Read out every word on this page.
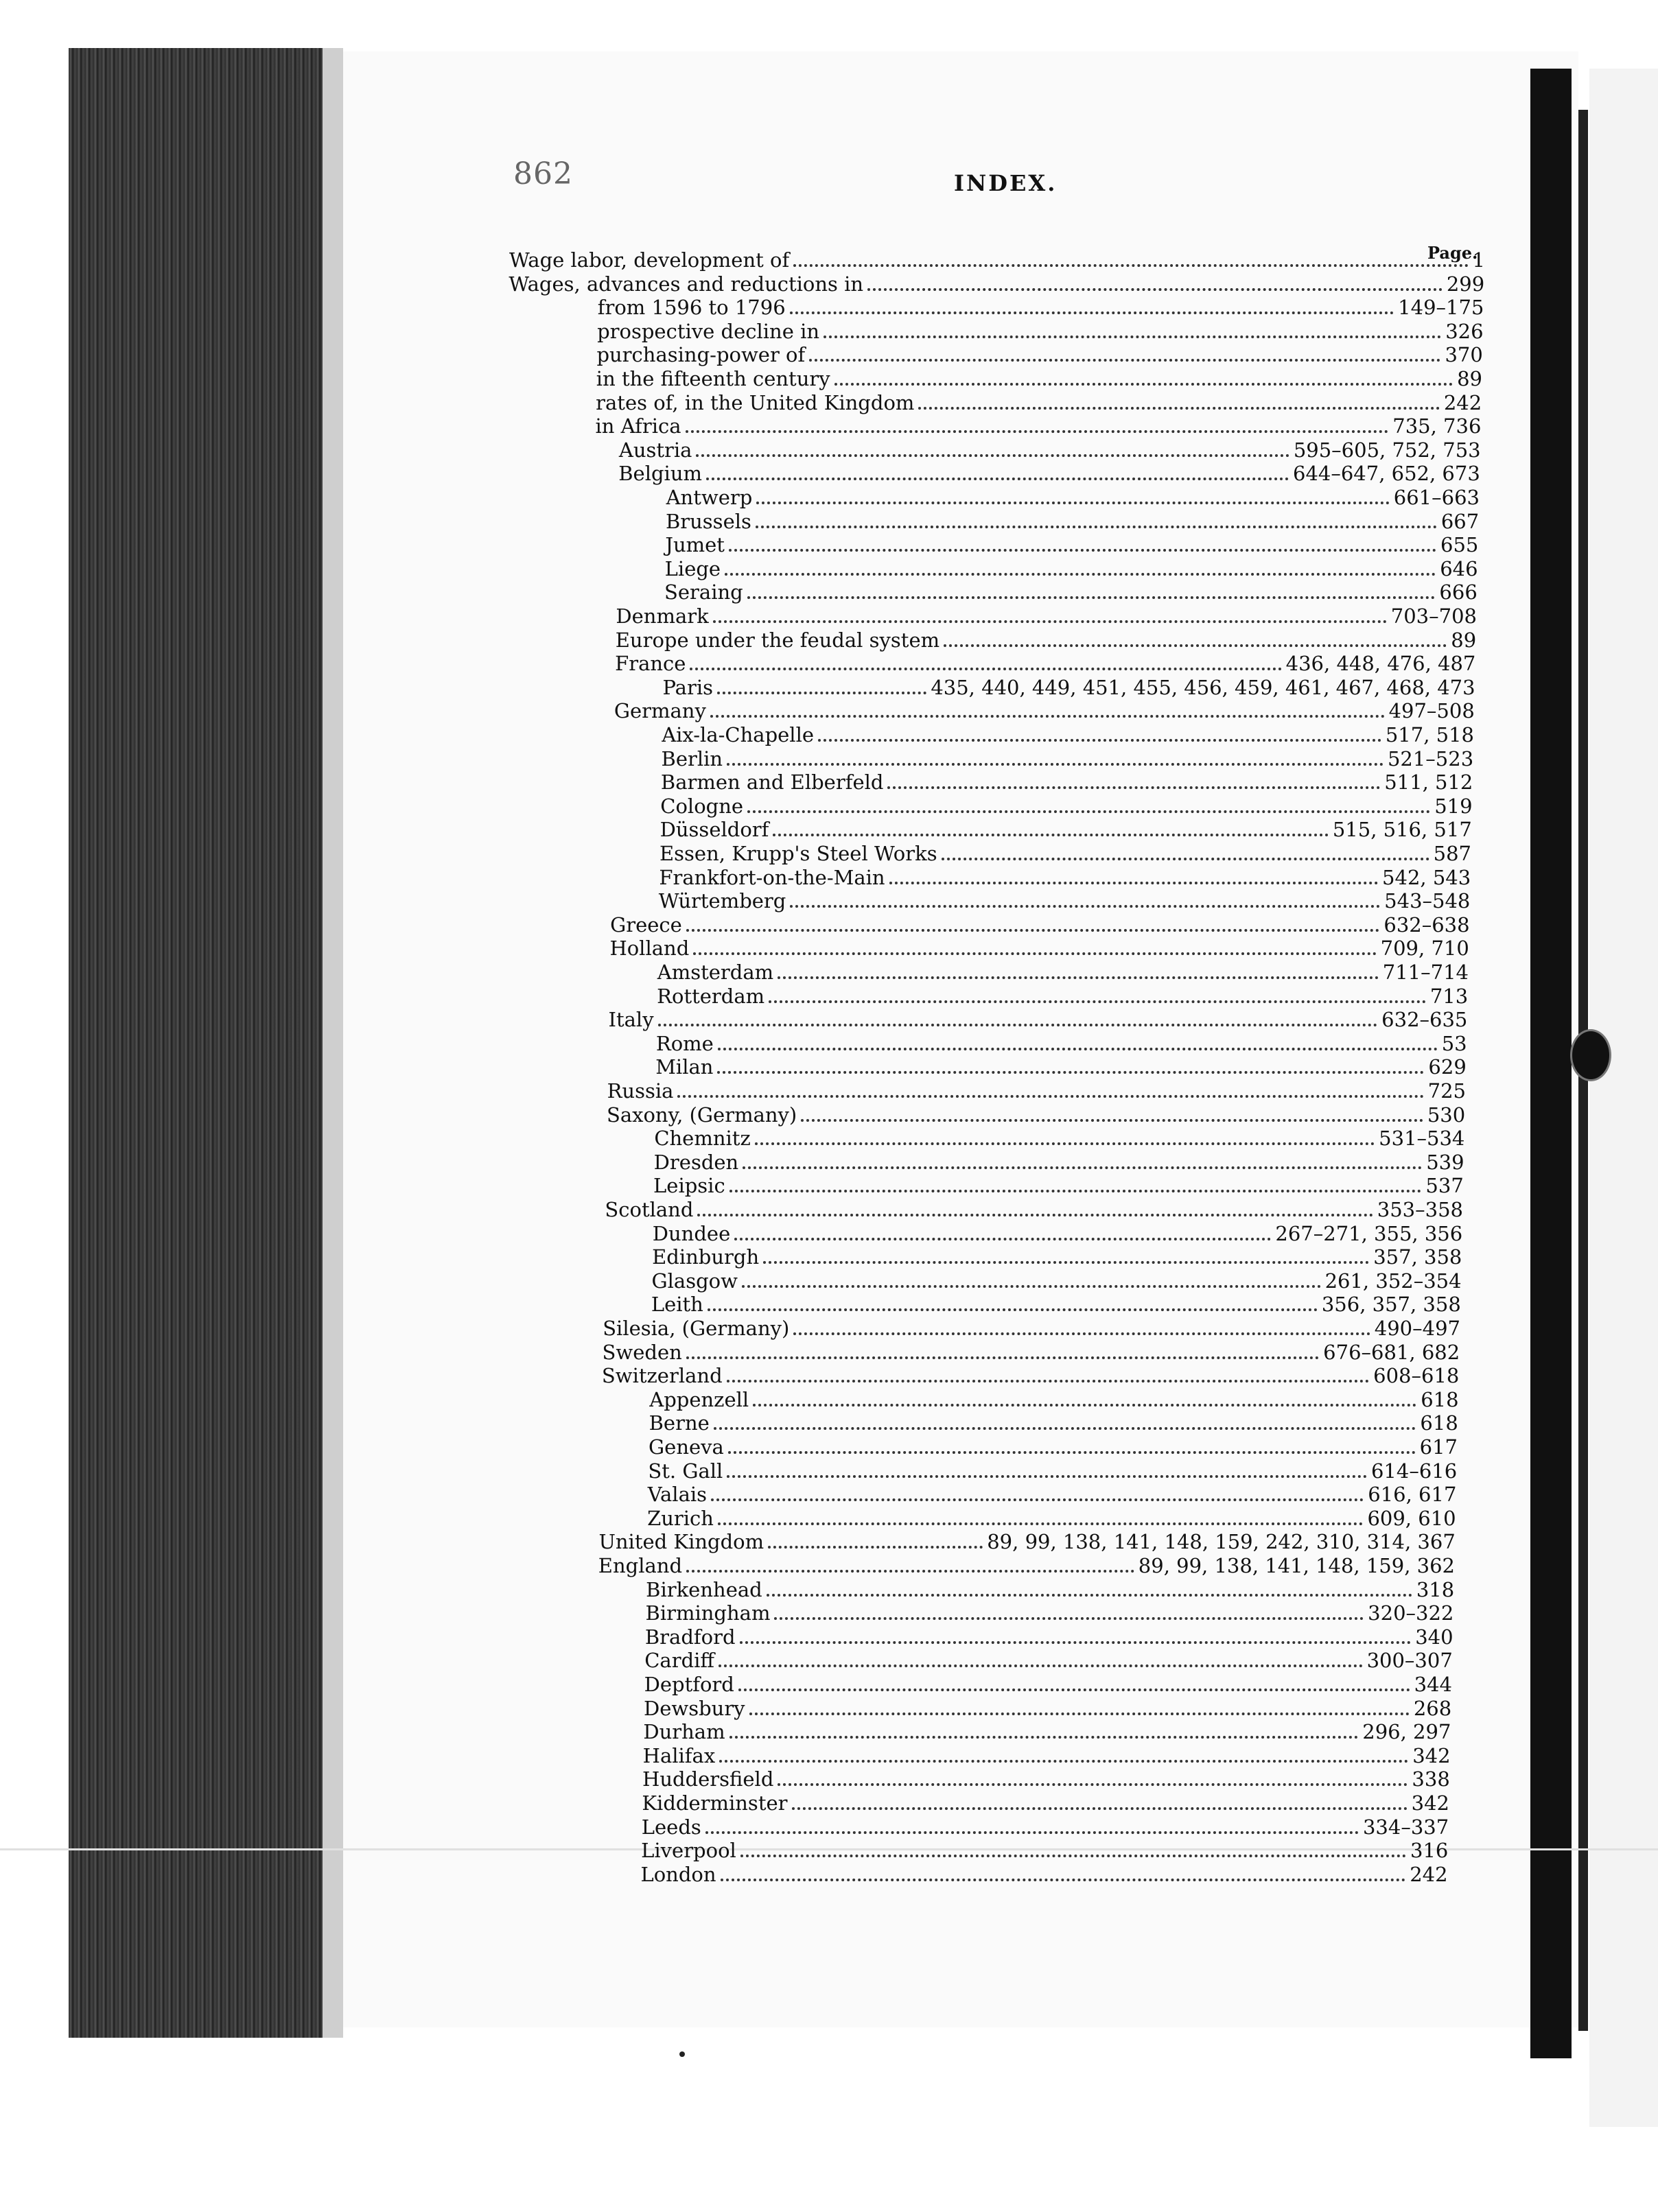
862	INDEX.
Page.
Wage labor, development of	1
Wages, advances and reductions in	299
from 1596 to 1796	149–175
prospective decline in	326
purchasing-power of	370
in the fifteenth century	89
rates of, in the United Kingdom	242
in Africa	735, 736
Austria	595–605, 752, 753
Belgium	644–647, 652, 673
Antwerp	661–663
Brussels	667
Jumet	655
Liege	646
Seraing	666
Denmark	703–708
Europe under the feudal system	89
France	436, 448, 476, 487
Paris	435, 440, 449, 451, 455, 456, 459, 461, 467, 468, 473
Germany	497–508
Aix-la-Chapelle	517, 518
Berlin	521–523
Barmen and Elberfeld	511, 512
Cologne	519
Düsseldorf	515, 516, 517
Essen, Krupp's Steel Works	587
Frankfort-on-the-Main	542, 543
Würtemberg	543–548
Greece	632–638
Holland	709, 710
Amsterdam	711–714
Rotterdam	713
Italy	632–635
Rome	53
Milan	629
Russia	725
Saxony, (Germany)	530
Chemnitz	531–534
Dresden	539
Leipsic	537
Scotland	353–358
Dundee	267–271, 355, 356
Edinburgh	357, 358
Glasgow	261, 352–354
Leith	356, 357, 358
Silesia, (Germany)	490–497
Sweden	676–681, 682
Switzerland	608–618
Appenzell	618
Berne	618
Geneva	617
St. Gall	614–616
Valais	616, 617
Zurich	609, 610
United Kingdom	89, 99, 138, 141, 148, 159, 242, 310, 314, 367
England	89, 99, 138, 141, 148, 159, 362
Birkenhead	318
Birmingham	320–322
Bradford	340
Cardiff	300–307
Deptford	344
Dewsbury	268
Durham	296, 297
Halifax	342
Huddersfield	338
Kidderminster	342
Leeds	334–337
Liverpool	316
London	242
